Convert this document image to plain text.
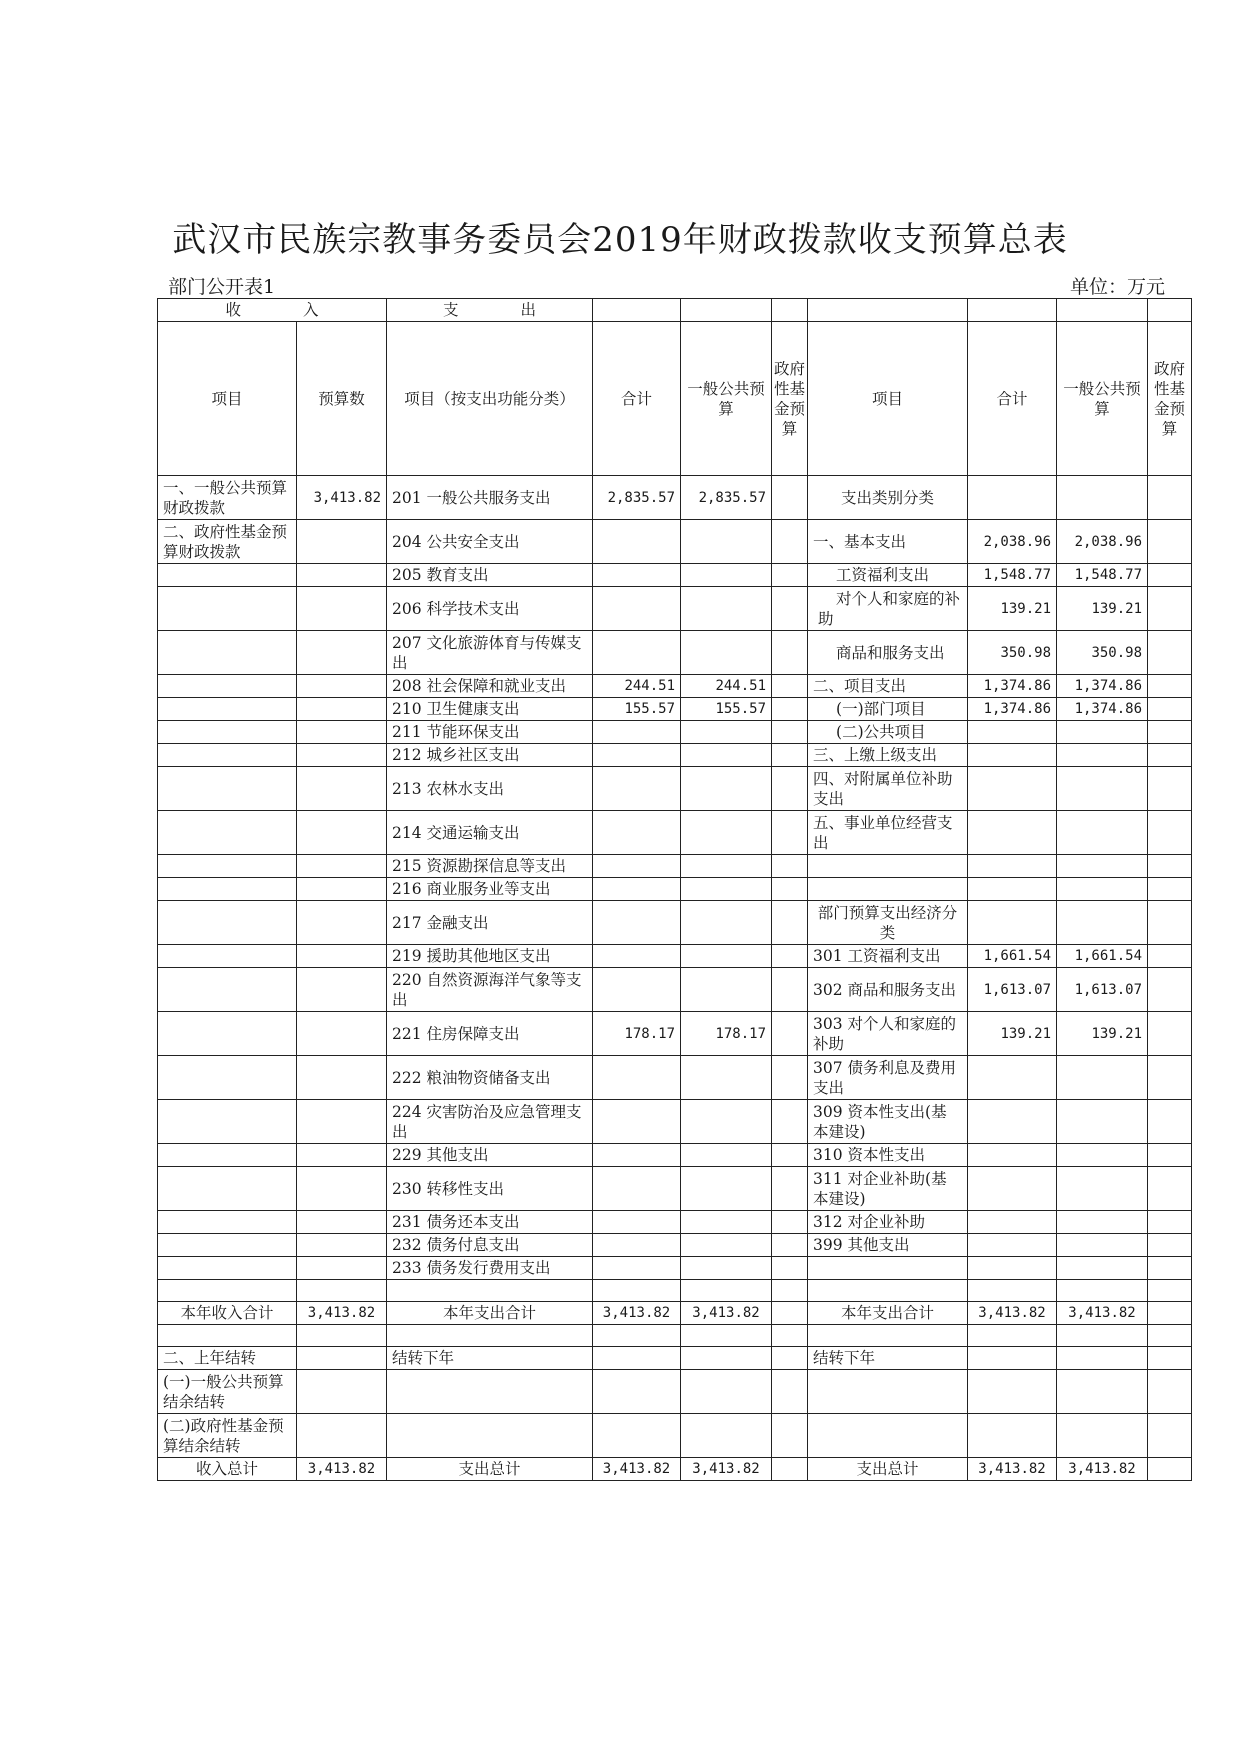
武汉市民族宗教事务委员会2019年财政拨款收支预算总表
部门公开表1	单位：万元
收　　　　入		支　　　　出							
项目	预算数	项目（按支出功能分类）	合计	一般公共预算	政府性基金预算	项目	合计	一般公共预算	政府性基金预算
一、一般公共预算财政拨款	3,413.82	201 一般公共服务支出	2,835.57	2,835.57		支出类别分类			
二、政府性基金预算财政拨款		204 公共安全支出				一、基本支出	2,038.96	2,038.96	
		205 教育支出				工资福利支出	1,548.77	1,548.77	
		206 科学技术支出				对个人和家庭的补助	139.21	139.21	
		207 文化旅游体育与传媒支出				商品和服务支出	350.98	350.98	
		208 社会保障和就业支出	244.51	244.51		二、项目支出	1,374.86	1,374.86	
		210 卫生健康支出	155.57	155.57		(一)部门项目	1,374.86	1,374.86	
		211 节能环保支出				(二)公共项目			
		212 城乡社区支出				三、上缴上级支出			
		213 农林水支出				四、对附属单位补助支出			
		214 交通运输支出				五、事业单位经营支出			
		215 资源勘探信息等支出							
		216 商业服务业等支出							
		217 金融支出				部门预算支出经济分类			
		219 援助其他地区支出				301 工资福利支出	1,661.54	1,661.54	
		220 自然资源海洋气象等支出				302 商品和服务支出	1,613.07	1,613.07	
		221 住房保障支出	178.17	178.17		303 对个人和家庭的补助	139.21	139.21	
		222 粮油物资储备支出				307 债务利息及费用支出			
		224 灾害防治及应急管理支出				309 资本性支出(基本建设)			
		229 其他支出				310 资本性支出			
		230 转移性支出				311 对企业补助(基本建设)			
		231 债务还本支出				312 对企业补助			
		232 债务付息支出				399 其他支出			
		233 债务发行费用支出							

本年收入合计	3,413.82	本年支出合计	3,413.82	3,413.82		本年支出合计	3,413.82	3,413.82	

二、上年结转		结转下年				结转下年			
(一)一般公共预算结余结转									
(二)政府性基金预算结余结转									
收入总计	3,413.82	支出总计	3,413.82	3,413.82		支出总计	3,413.82	3,413.82	
